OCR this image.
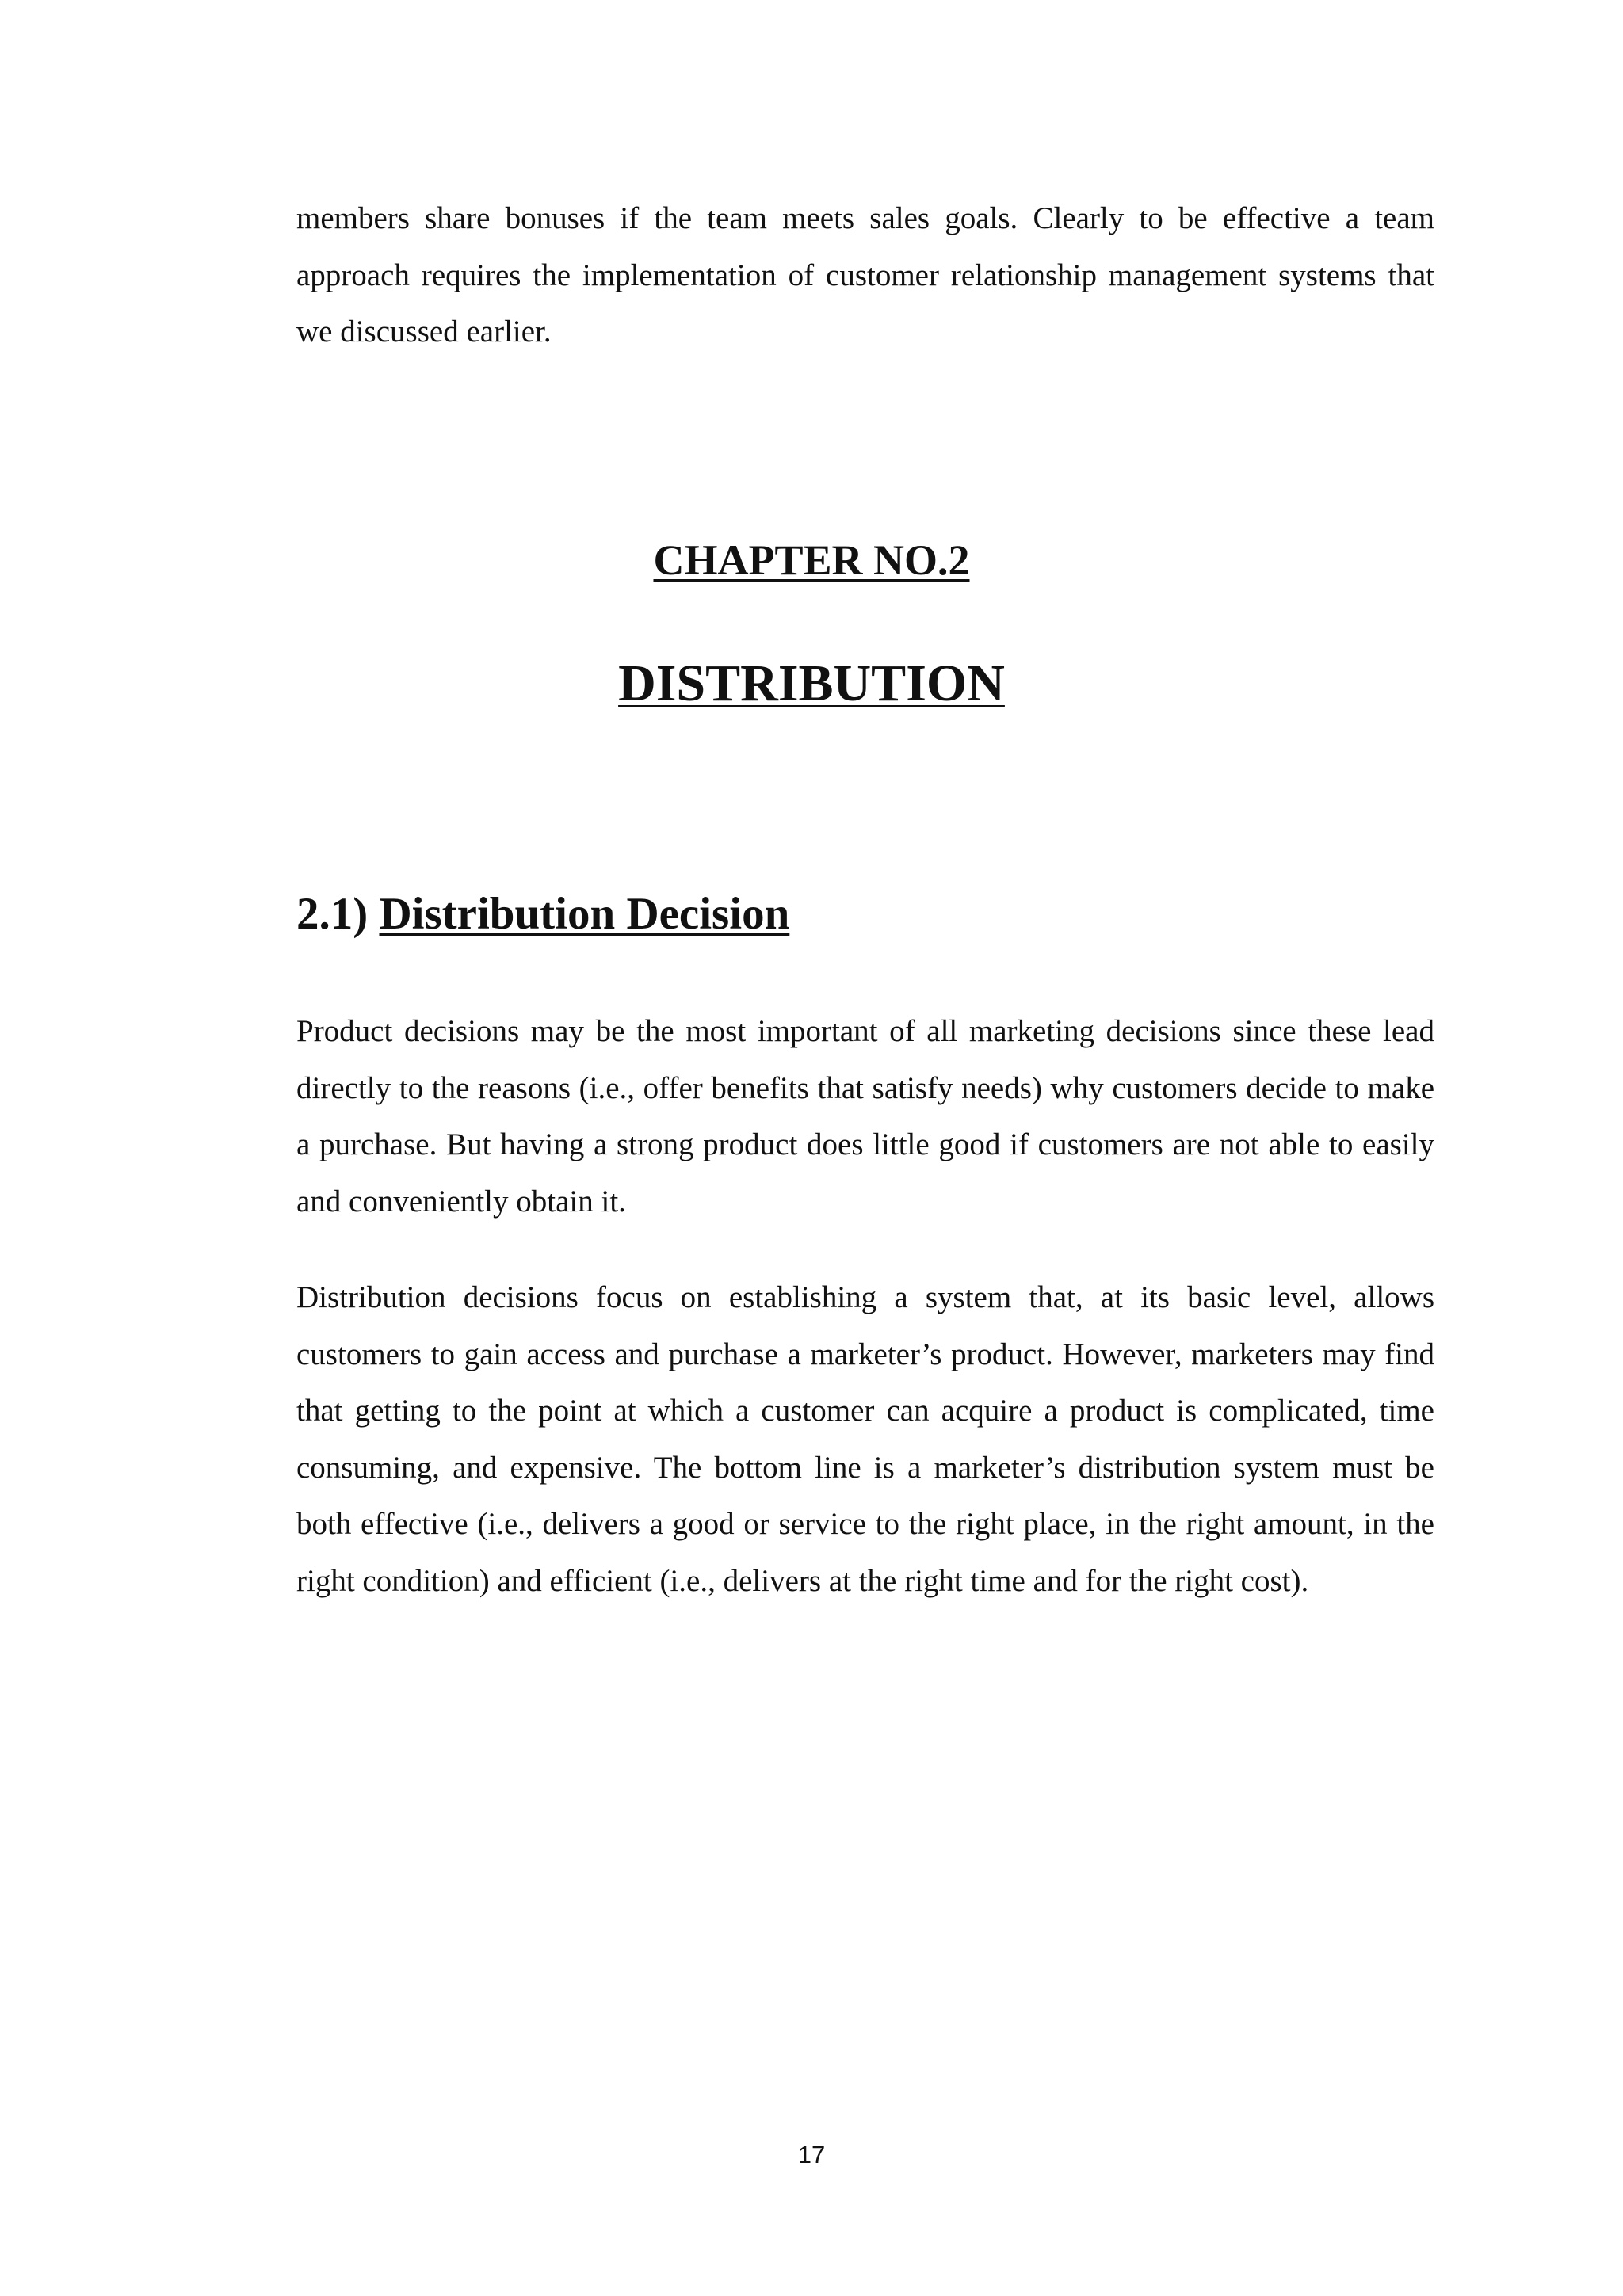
members share bonuses if the team meets sales goals. Clearly to be effective a team approach requires the implementation of customer relationship management systems that we discussed earlier.

CHAPTER NO.2
DISTRIBUTION
2.1) Distribution Decision

Product decisions may be the most important of all marketing decisions since these lead directly to the reasons (i.e., offer benefits that satisfy needs) why customers decide to make a purchase. But having a strong product does little good if customers are not able to easily and conveniently obtain it.

Distribution decisions focus on establishing a system that, at its basic level, allows customers to gain access and purchase a marketer’s product. However, marketers may find that getting to the point at which a customer can acquire a product is complicated, time consuming, and expensive. The bottom line is a marketer’s distribution system must be both effective (i.e., delivers a good or service to the right place, in the right amount, in the right condition) and efficient (i.e., delivers at the right time and for the right cost).

17
